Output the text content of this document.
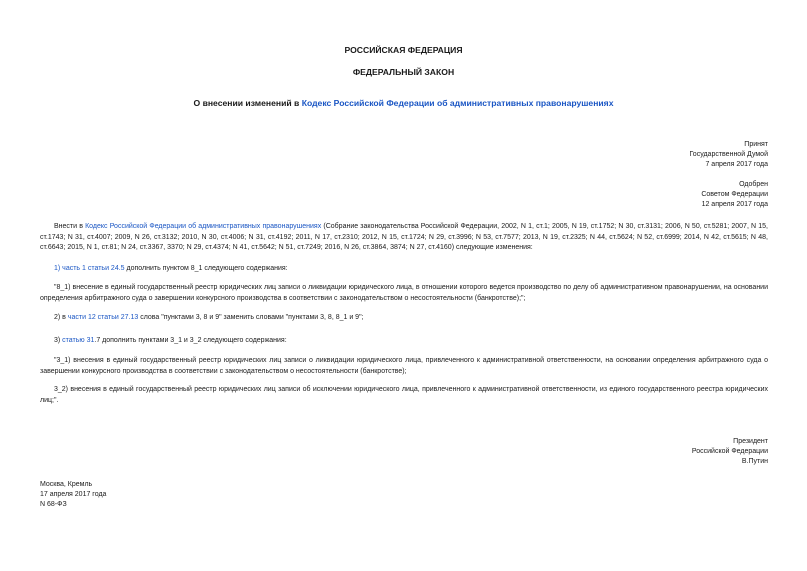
РОССИЙСКАЯ ФЕДЕРАЦИЯ
ФЕДЕРАЛЬНЫЙ ЗАКОН
О внесении изменений в Кодекс Российской Федерации об административных правонарушениях
Принят
Государственной Думой
7 апреля 2017 года
Одобрен
Советом Федерации
12 апреля 2017 года
Внести в Кодекс Российской Федерации об административных правонарушениях (Собрание законодательства Российской Федерации, 2002, N 1, ст.1; 2005, N 19, ст.1752; N 30, ст.3131; 2006, N 50, ст.5281; 2007, N 15, ст.1743; N 31, ст.4007; 2009, N 26, ст.3132; 2010, N 30, ст.4006; N 31, ст.4192; 2011, N 17, ст.2310; 2012, N 15, ст.1724; N 29, ст.3996; N 53, ст.7577; 2013, N 19, ст.2325; N 44, ст.5624; N 52, ст.6999; 2014, N 42, ст.5615; N 48, ст.6643; 2015, N 1, ст.81; N 24, ст.3367, 3370; N 29, ст.4374; N 41, ст.5642; N 51, ст.7249; 2016, N 26, ст.3864, 3874; N 27, ст.4160) следующие изменения:
1) часть 1 статьи 24.5 дополнить пунктом 8_1 следующего содержания:
"8_1) внесение в единый государственный реестр юридических лиц записи о ликвидации юридического лица, в отношении которого ведется производство по делу об административном правонарушении, на основании определения арбитражного суда о завершении конкурсного производства в соответствии с законодательством о несостоятельности (банкротстве);";
2) в части 12 статьи 27.13 слова "пунктами 3, 8 и 9" заменить словами "пунктами 3, 8, 8_1 и 9";
3) статью 31.7 дополнить пунктами 3_1 и 3_2 следующего содержания:
"3_1) внесения в единый государственный реестр юридических лиц записи о ликвидации юридического лица, привлеченного к административной ответственности, на основании определения арбитражного суда о завершении конкурсного производства в соответствии с законодательством о несостоятельности (банкротстве);
3_2) внесения в единый государственный реестр юридических лиц записи об исключении юридического лица, привлеченного к административной ответственности, из единого государственного реестра юридических лиц;".
Президент
Российской Федерации
В.Путин
Москва, Кремль
17 апреля 2017 года
N 68-ФЗ
